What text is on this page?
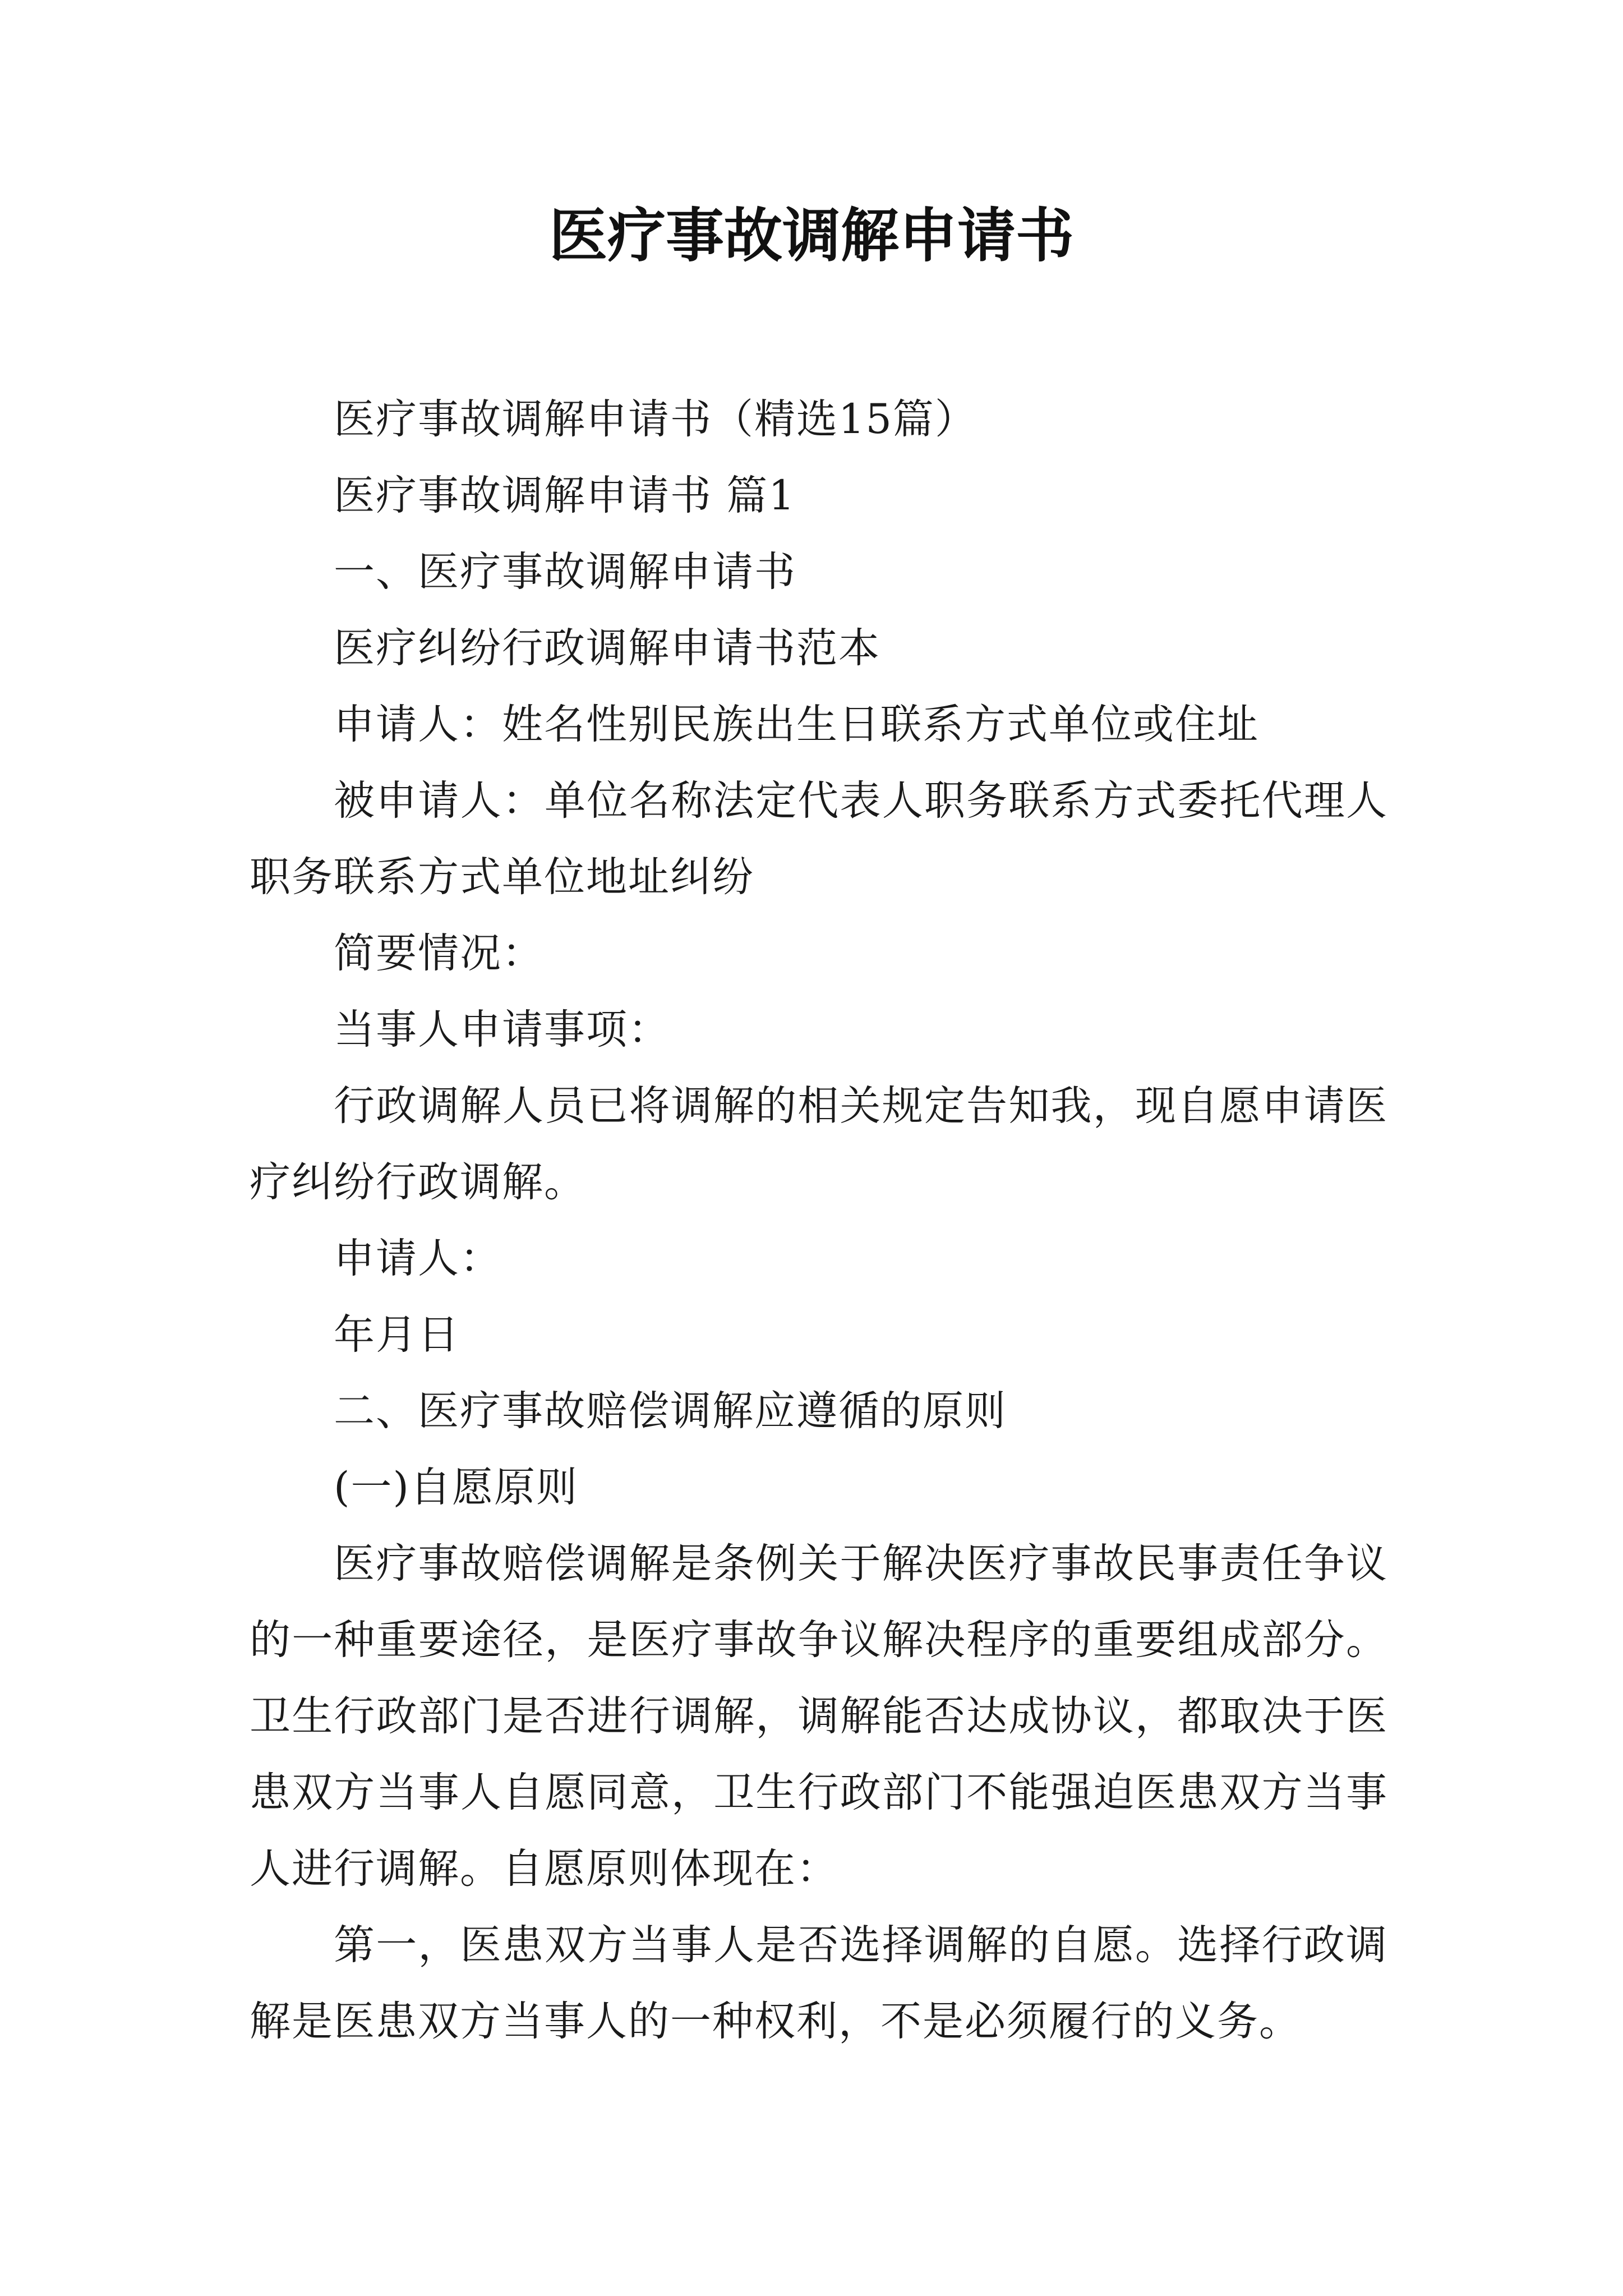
医疗事故调解申请书

医疗事故调解申请书（精选15篇）

医疗事故调解申请书 篇1

一、医疗事故调解申请书

医疗纠纷行政调解申请书范本

申请人：姓名性别民族出生日联系方式单位或住址

被申请人：单位名称法定代表人职务联系方式委托代理人职务联系方式单位地址纠纷

简要情况：

当事人申请事项：

行政调解人员已将调解的相关规定告知我，现自愿申请医疗纠纷行政调解。

申请人：

年月日

二、医疗事故赔偿调解应遵循的原则

(一)自愿原则

医疗事故赔偿调解是条例关于解决医疗事故民事责任争议的一种重要途径，是医疗事故争议解决程序的重要组成部分。卫生行政部门是否进行调解，调解能否达成协议，都取决于医患双方当事人自愿同意，卫生行政部门不能强迫医患双方当事人进行调解。自愿原则体现在：

第一，医患双方当事人是否选择调解的自愿。选择行政调解是医患双方当事人的一种权利，不是必须履行的义务。
